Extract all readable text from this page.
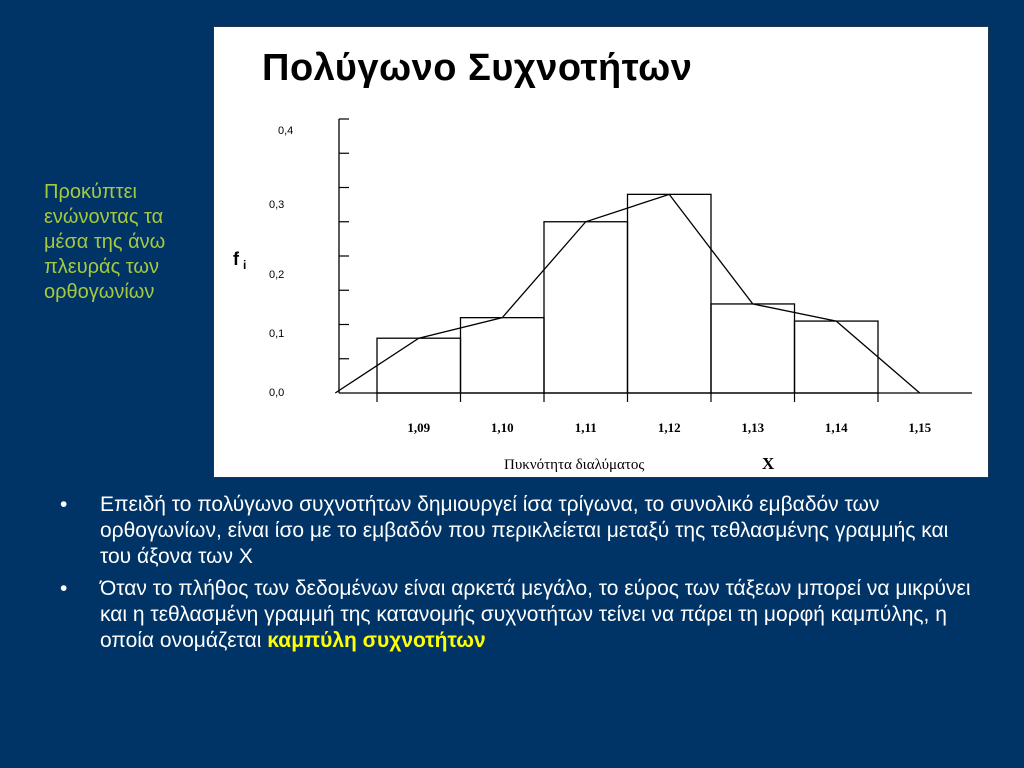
0,4
0,3
0,2
0,1
0,0
f i
1,09	1,10	1,11	1,12	1,13	1,14	1,15
Πυκνότητα διαλύματος	X
Πολύγωνο Συχνοτήτων

Προκύπτει ενώνοντας τα μέσα της άνω πλευράς των ορθογωνίων

• Επειδή το πολύγωνο συχνοτήτων δημιουργεί ίσα τρίγωνα, το συνολικό εμβαδόν των ορθογωνίων, είναι ίσο με το εμβαδόν που περικλείεται μεταξύ της τεθλασμένης γραμμής και του άξονα των Χ
• Όταν το πλήθος των δεδομένων είναι αρκετά μεγάλο, το εύρος των τάξεων μπορεί να μικρύνει και η τεθλασμένη γραμμή της κατανομής συχνοτήτων τείνει να πάρει τη μορφή καμπύλης, η οποία ονομάζεται καμπύλη συχνοτήτων
